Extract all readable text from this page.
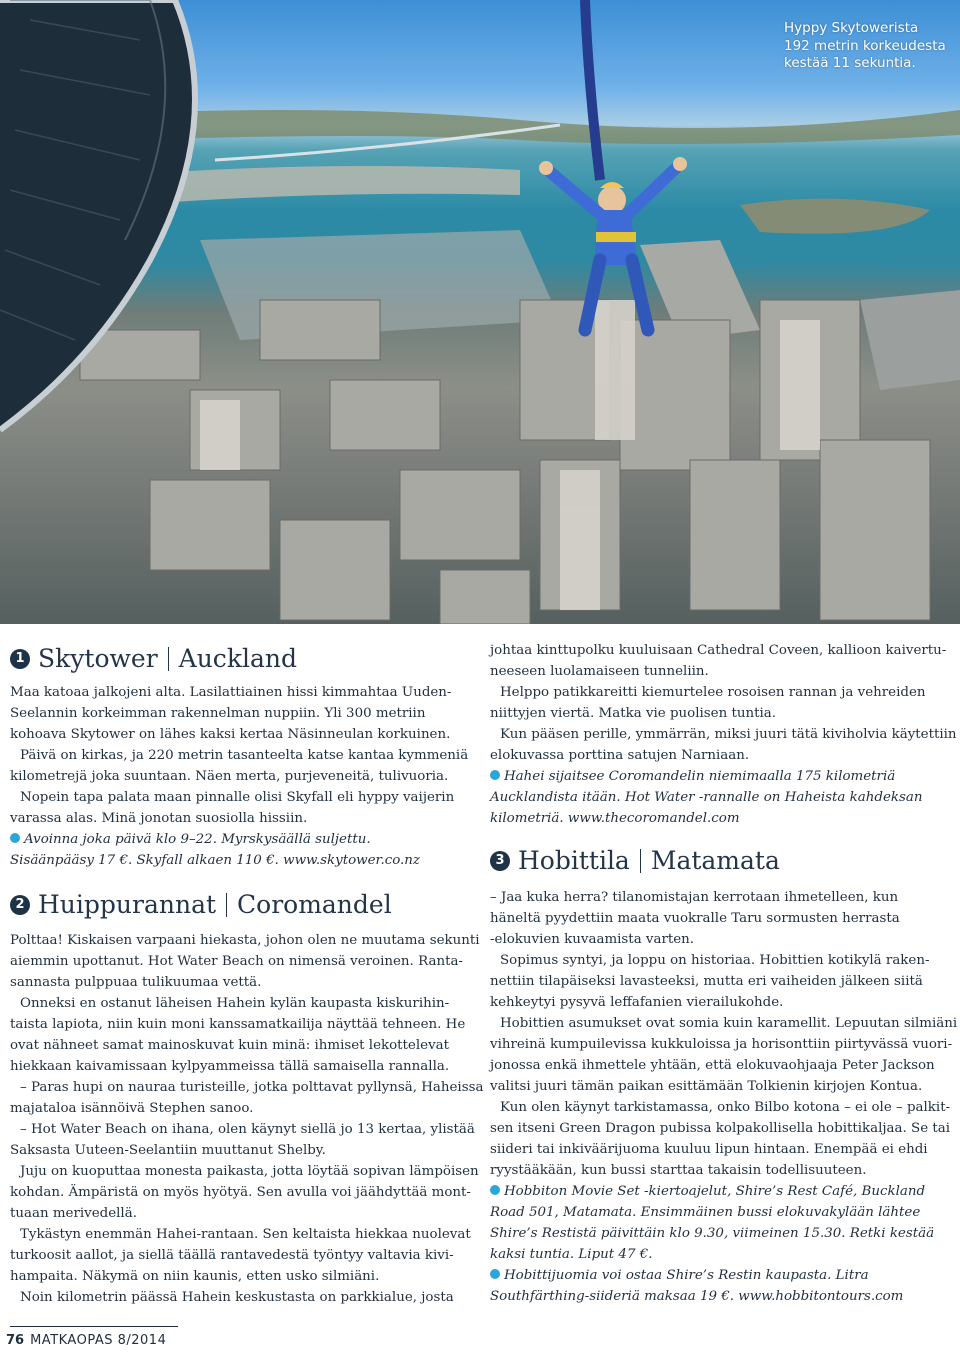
Hyppy Skytowerista
192 metrin korkeudesta
kestää 11 sekuntia.
1 Skytower Auckland
Maa katoaa jalkojeni alta. Lasilattiainen hissi kimmahtaa Uuden-
Seelannin korkeimman rakennelman nuppiin. Yli 300 metriin
kohoava Skytower on lähes kaksi kertaa Näsinneulan korkuinen.
Päivä on kirkas, ja 220 metrin tasanteelta katse kantaa kymmeniä
kilometrejä joka suuntaan. Näen merta, purjeveneitä, tulivuoria.
Nopein tapa palata maan pinnalle olisi Skyfall eli hyppy vaijerin
varassa alas. Minä jonotan suosiolla hissiin.
Avoinna joka päivä klo 9–22. Myrskysäällä suljettu.
Sisäänpääsy 17 €. Skyfall alkaen 110 €. www.skytower.co.nz
2 Huippurannat Coromandel
Polttaa! Kiskaisen varpaani hiekasta, johon olen ne muutama sekunti
aiemmin upottanut. Hot Water Beach on nimensä veroinen. Ranta-
sannasta pulppuaa tulikuumaa vettä.
Onneksi en ostanut läheisen Hahein kylän kaupasta kiskurihin-
taista lapiota, niin kuin moni kanssamatkailija näyttää tehneen. He
ovat nähneet samat mainoskuvat kuin minä: ihmiset lekottelevat
hiekkaan kaivamissaan kylpyammeissa tällä samaisella rannalla.
– Paras hupi on nauraa turisteille, jotka polttavat pyllynsä, Haheissa
majataloa isännöivä Stephen sanoo.
– Hot Water Beach on ihana, olen käynyt siellä jo 13 kertaa, ylistää
Saksasta Uuteen-Seelantiin muuttanut Shelby.
Juju on kuoputtaa monesta paikasta, jotta löytää sopivan lämpöisen
kohdan. Ämpäristä on myös hyötyä. Sen avulla voi jäähdyttää mont-
tuaan merivedellä.
Tykästyn enemmän Hahei-rantaan. Sen keltaista hiekkaa nuolevat
turkoosit aallot, ja siellä täällä rantavedestä työntyy valtavia kivi-
hampaita. Näkymä on niin kaunis, etten usko silmiäni.
Noin kilometrin päässä Hahein keskustasta on parkkialue, josta
76 MATKAOPAS 8/2014
johtaa kinttupolku kuuluisaan Cathedral Coveen, kallioon kaivertu-
neeseen luolamaiseen tunneliin.
Helppo patikkareitti kiemurtelee rosoisen rannan ja vehreiden
niittyjen viertä. Matka vie puolisen tuntia.
Kun pääsen perille, ymmärrän, miksi juuri tätä kiviholvia käytettiin
elokuvassa porttina satujen Narniaan.
Hahei sijaitsee Coromandelin niemimaalla 175 kilometriä
Aucklandista itään. Hot Water -rannalle on Haheista kahdeksan
kilometriä. www.thecoromandel.com
3 Hobittila Matamata
– Jaa kuka herra? tilanomistajan kerrotaan ihmetelleen, kun
häneltä pyydettiin maata vuokralle Taru sormusten herrasta
-elokuvien kuvaamista varten.
Sopimus syntyi, ja loppu on historiaa. Hobittien kotikylä raken-
nettiin tilapäiseksi lavasteeksi, mutta eri vaiheiden jälkeen siitä
kehkeytyi pysyvä leffafanien vierailukohde.
Hobittien asumukset ovat somia kuin karamellit. Lepuutan silmiäni
vihreinä kumpuilevissa kukkuloissa ja horisonttiin piirtyvässä vuori-
jonossa enkä ihmettele yhtään, että elokuvaohjaaja Peter Jackson
valitsi juuri tämän paikan esittämään Tolkienin kirjojen Kontua.
Kun olen käynyt tarkistamassa, onko Bilbo kotona – ei ole – palkit-
sen itseni Green Dragon pubissa kolpakollisella hobittikaljaa. Se tai
siideri tai inkiväärijuoma kuuluu lipun hintaan. Enempää ei ehdi
ryystääkään, kun bussi starttaa takaisin todellisuuteen.
Hobbiton Movie Set -kiertoajelut, Shire’s Rest Café, Buckland
Road 501, Matamata. Ensimmäinen bussi elokuvakylään lähtee
Shire’s Restistä päivittäin klo 9.30, viimeinen 15.30. Retki kestää
kaksi tuntia. Liput 47 €.
Hobittijuomia voi ostaa Shire’s Restin kaupasta. Litra
Southfärthing-siideriä maksaa 19 €. www.hobbitontours.com
